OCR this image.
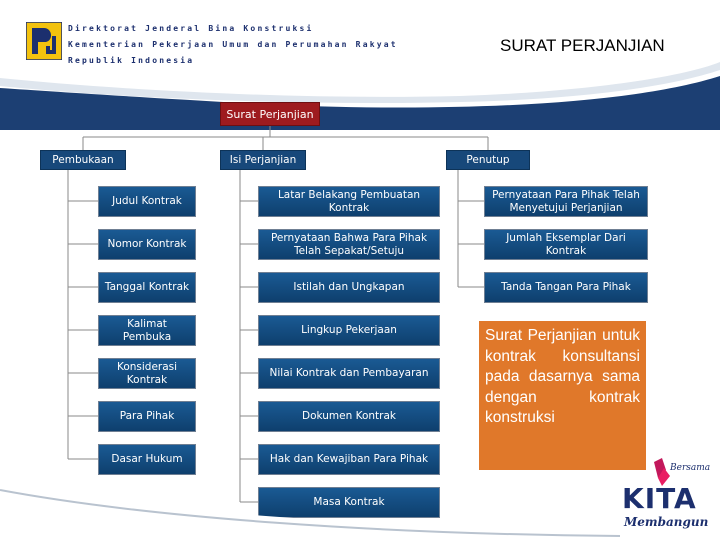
Direktorat Jenderal Bina Konstruksi
Kementerian Pekerjaan Umum dan Perumahan Rakyat
Republik Indonesia
SURAT PERJANJIAN
Surat Perjanjian
Pembukaan	Isi Perjanjian	Penutup
Judul Kontrak
Nomor Kontrak
Tanggal Kontrak
Kalimat Pembuka
Konsiderasi Kontrak
Para Pihak
Dasar Hukum
Latar Belakang Pembuatan Kontrak
Pernyataan Bahwa Para Pihak Telah Sepakat/Setuju
Istilah dan Ungkapan
Lingkup Pekerjaan
Nilai Kontrak dan Pembayaran
Dokumen Kontrak
Hak dan Kewajiban Para Pihak
Masa Kontrak
Pernyataan Para Pihak Telah Menyetujui Perjanjian
Jumlah Eksemplar Dari Kontrak
Tanda Tangan Para Pihak
Surat Perjanjian untuk kontrak konsultansi pada dasarnya sama dengan kontrak konstruksi
Bersama
KITA
Membangun
